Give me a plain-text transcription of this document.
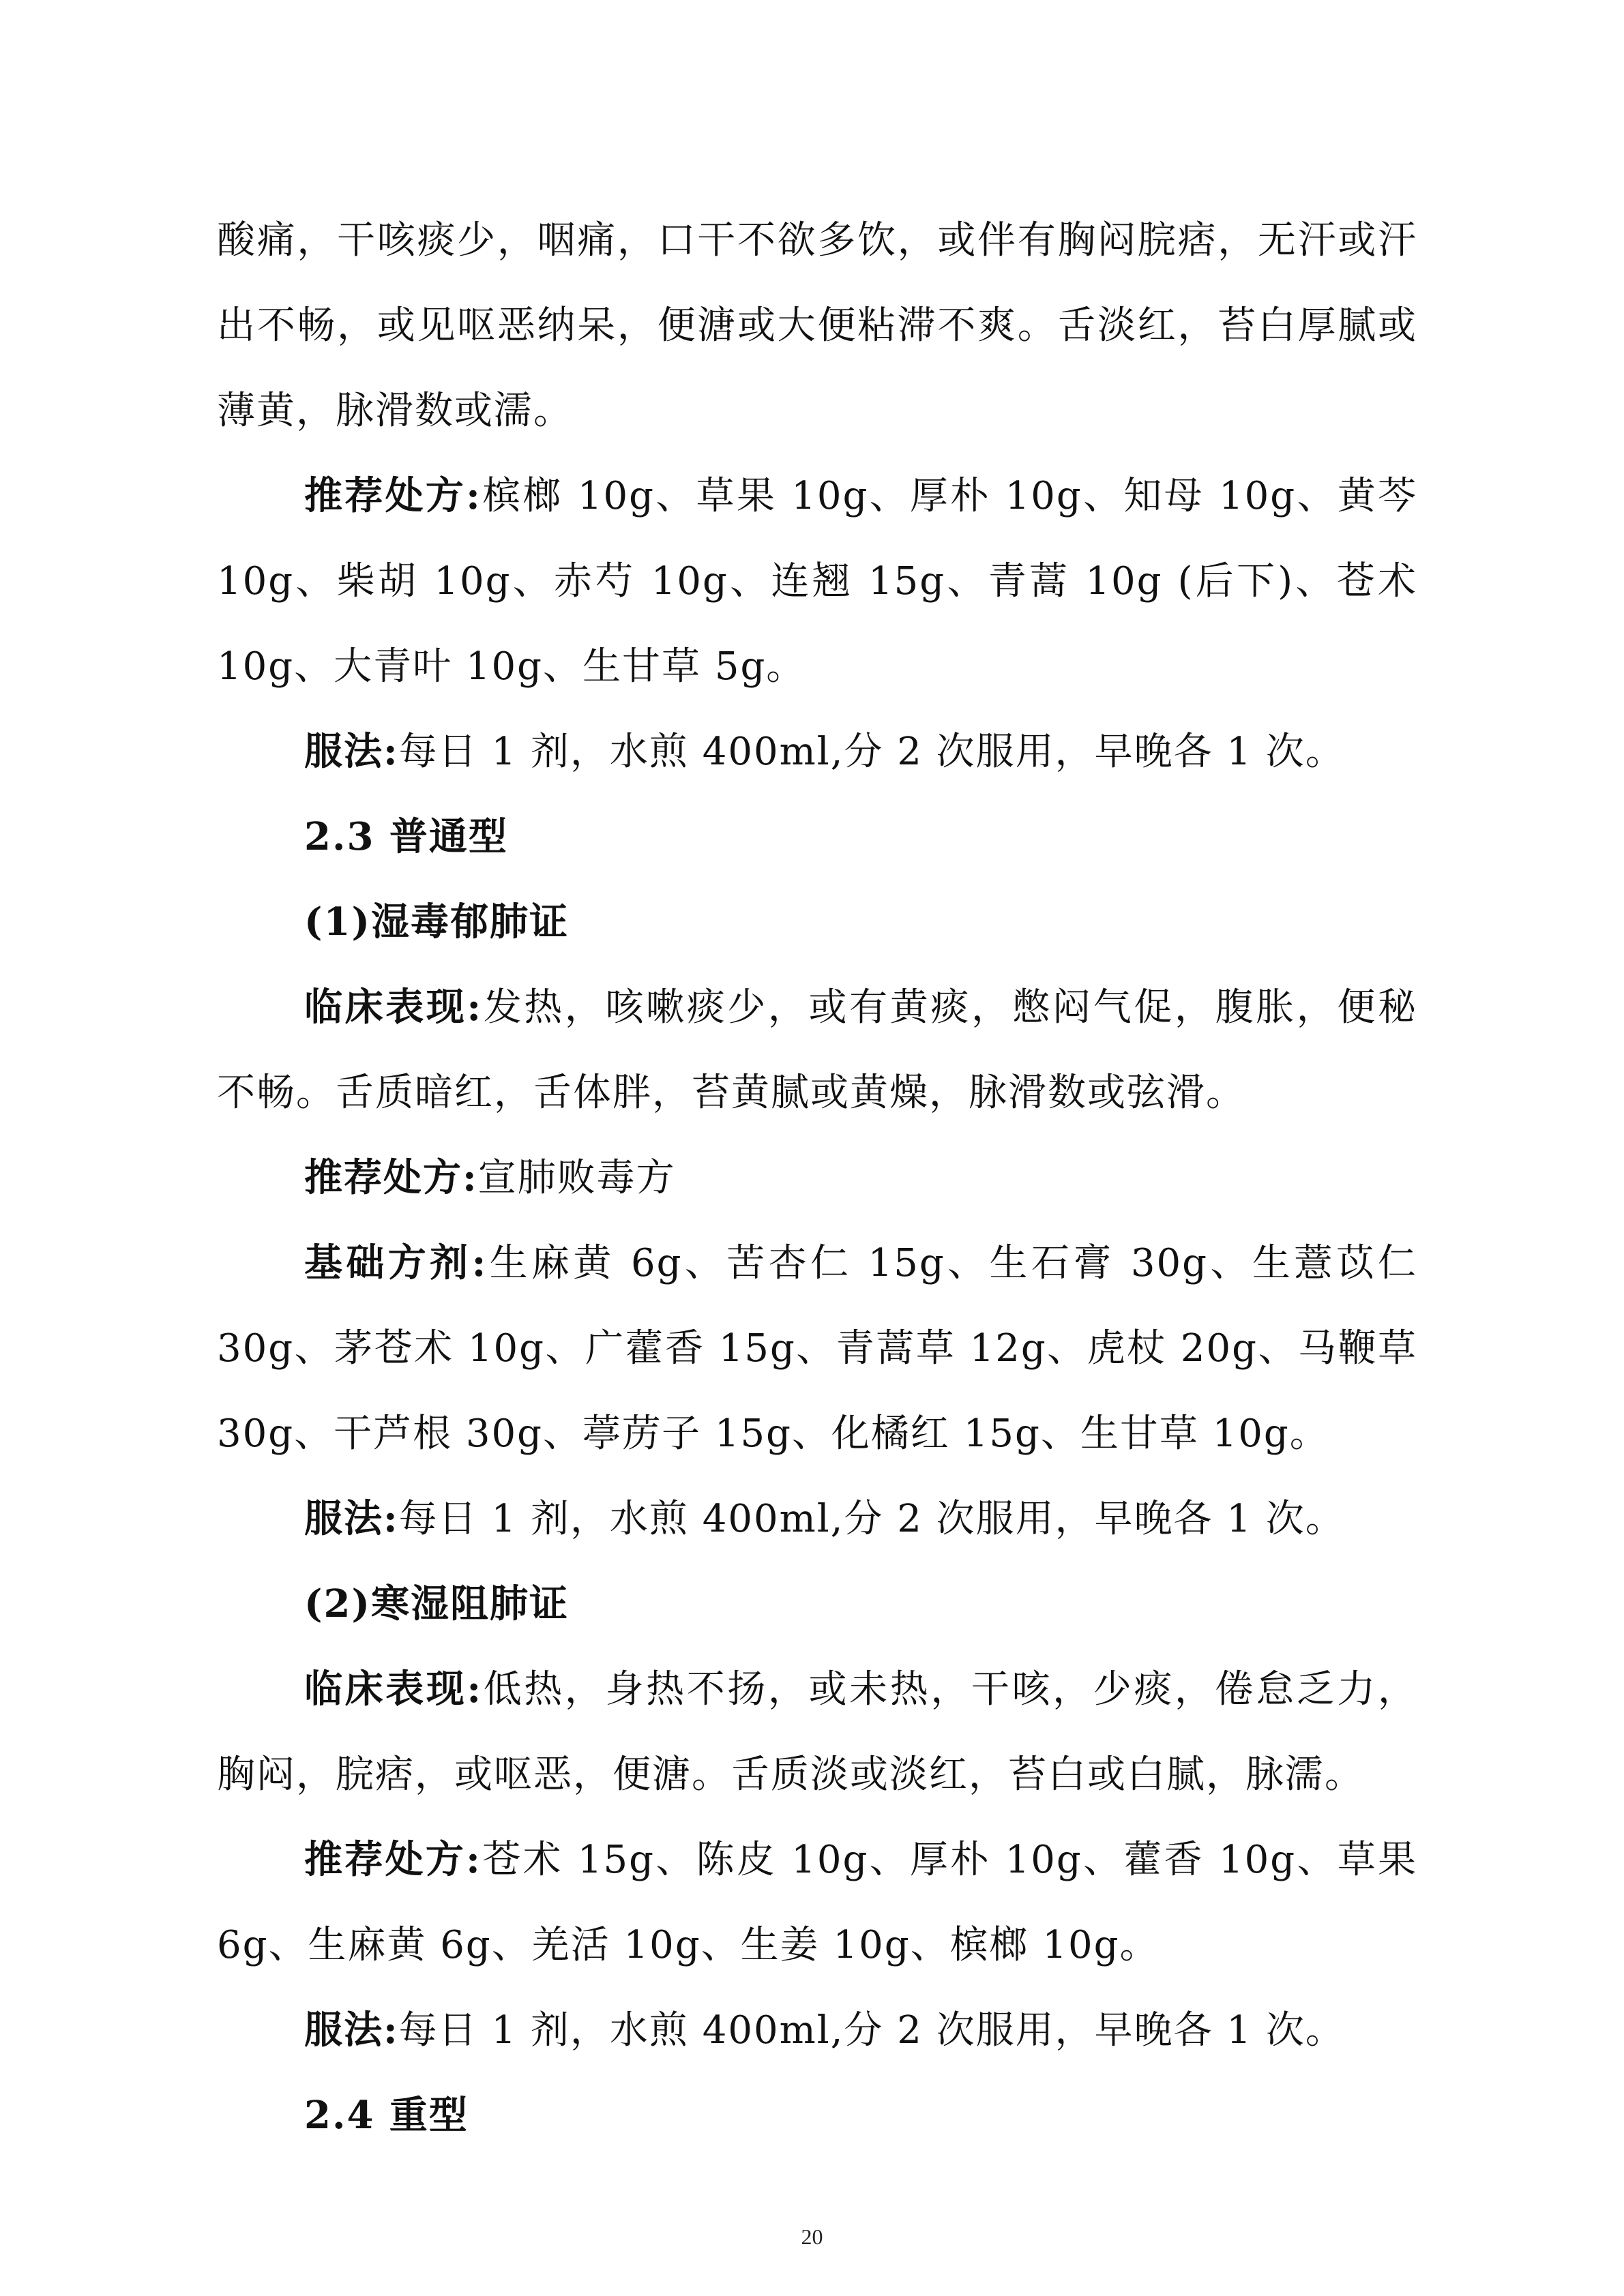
酸痛，干咳痰少，咽痛，口干不欲多饮，或伴有胸闷脘痞，无汗或汗出不畅，或见呕恶纳呆，便溏或大便粘滞不爽。舌淡红，苔白厚腻或薄黄，脉滑数或濡。

推荐处方:槟榔 10g、草果 10g、厚朴 10g、知母 10g、黄芩 10g、柴胡 10g、赤芍 10g、连翘 15g、青蒿 10g (后下)、苍术 10g、大青叶 10g、生甘草 5g。

服法:每日 1 剂，水煎 400ml,分 2 次服用，早晚各 1 次。

2.3 普通型

(1)湿毒郁肺证

临床表现:发热，咳嗽痰少，或有黄痰，憋闷气促，腹胀，便秘不畅。舌质暗红，舌体胖，苔黄腻或黄燥，脉滑数或弦滑。

推荐处方:宣肺败毒方

基础方剂:生麻黄 6g、苦杏仁 15g、生石膏 30g、生薏苡仁 30g、茅苍术 10g、广藿香 15g、青蒿草 12g、虎杖 20g、马鞭草 30g、干芦根 30g、葶苈子 15g、化橘红 15g、生甘草 10g。

服法:每日 1 剂，水煎 400ml,分 2 次服用，早晚各 1 次。

(2)寒湿阻肺证

临床表现:低热，身热不扬，或未热，干咳，少痰，倦怠乏力，胸闷，脘痞，或呕恶，便溏。舌质淡或淡红，苔白或白腻，脉濡。

推荐处方:苍术 15g、陈皮 10g、厚朴 10g、藿香 10g、草果 6g、生麻黄 6g、羌活 10g、生姜 10g、槟榔 10g。

服法:每日 1 剂，水煎 400ml,分 2 次服用，早晚各 1 次。

2.4 重型

20
